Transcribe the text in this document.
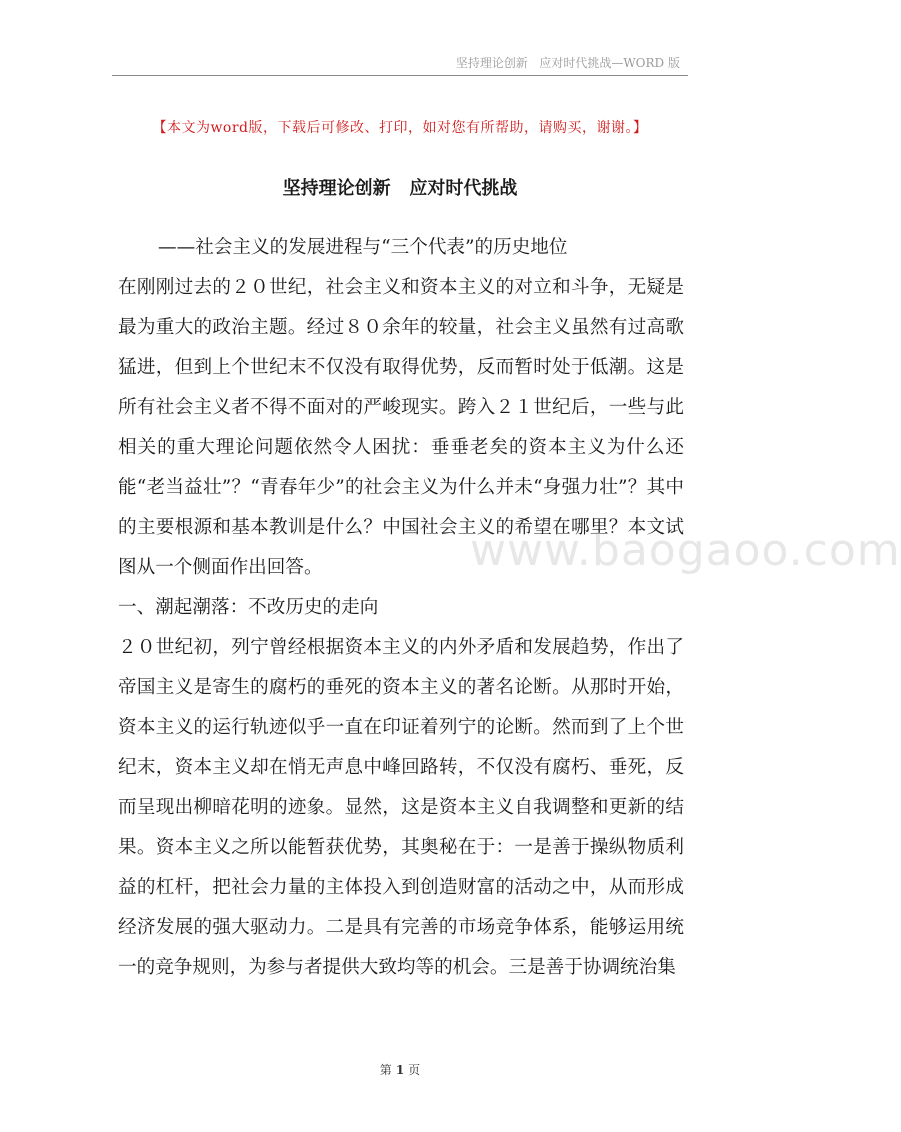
坚持理论创新   应对时代挑战—WORD 版
【本文为word版，下载后可修改、打印，如对您有所帮助，请购买，谢谢。】
坚持理论创新   应对时代挑战

——社会主义的发展进程与“三个代表”的历史地位

在刚刚过去的２０世纪，社会主义和资本主义的对立和斗争，无疑是最为重大的政治主题。经过８０余年的较量，社会主义虽然有过高歌猛进，但到上个世纪末不仅没有取得优势，反而暂时处于低潮。这是所有社会主义者不得不面对的严峻现实。跨入２１世纪后，一些与此相关的重大理论问题依然令人困扰：垂垂老矣的资本主义为什么还能“老当益壮”？“青春年少”的社会主义为什么并未“身强力壮”？其中的主要根源和基本教训是什么？中国社会主义的希望在哪里？本文试图从一个侧面作出回答。

一、潮起潮落：不改历史的走向

２０世纪初，列宁曾经根据资本主义的内外矛盾和发展趋势，作出了帝国主义是寄生的腐朽的垂死的资本主义的著名论断。从那时开始，资本主义的运行轨迹似乎一直在印证着列宁的论断。然而到了上个世纪末，资本主义却在悄无声息中峰回路转，不仅没有腐朽、垂死，反而呈现出柳暗花明的迹象。显然，这是资本主义自我调整和更新的结果。资本主义之所以能暂获优势，其奥秘在于：一是善于操纵物质利益的杠杆，把社会力量的主体投入到创造财富的活动之中，从而形成经济发展的强大驱动力。二是具有完善的市场竞争体系，能够运用统一的竞争规则，为参与者提供大致均等的机会。三是善于协调统治集

www.baogaoo.com
第 1 页
